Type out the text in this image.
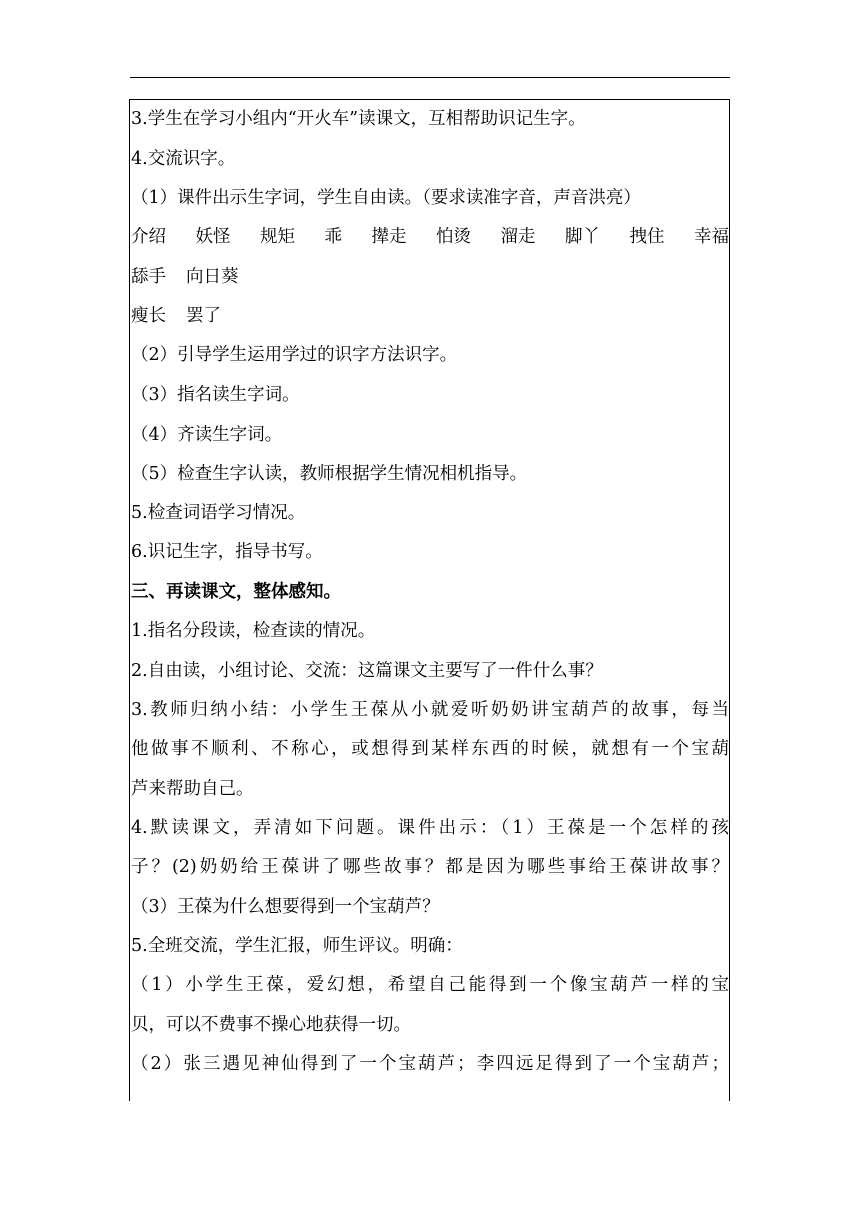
3.学生在学习小组内“开火车”读课文，互相帮助识记生字。
4.交流识字。
（1）课件出示生字词，学生自由读。（要求读准字音，声音洪亮）
介绍 妖怪 规矩 乖 撵走 怕烫 溜走 脚丫 拽住 幸福
舔手 向日葵
瘦长 罢了
（2）引导学生运用学过的识字方法识字。
（3）指名读生字词。
（4）齐读生字词。
（5）检查生字认读，教师根据学生情况相机指导。
5.检查词语学习情况。
6.识记生字，指导书写。
三、再读课文，整体感知。
1.指名分段读，检查读的情况。
2.自由读，小组讨论、交流：这篇课文主要写了一件什么事？
3.教师归纳小结：小学生王葆从小就爱听奶奶讲宝葫芦的故事，每当
他做事不顺利、不称心，或想得到某样东西的时候，就想有一个宝葫
芦来帮助自己。
4.默读课文，弄清如下问题。课件出示：（1）王葆是一个怎样的孩
子？(2)奶奶给王葆讲了哪些故事？都是因为哪些事给王葆讲故事？
（3）王葆为什么想要得到一个宝葫芦？
5.全班交流，学生汇报，师生评议。明确：
（1）小学生王葆，爱幻想，希望自己能得到一个像宝葫芦一样的宝
贝，可以不费事不操心地获得一切。
（2）张三遇见神仙得到了一个宝葫芦；李四远足得到了一个宝葫芦；
